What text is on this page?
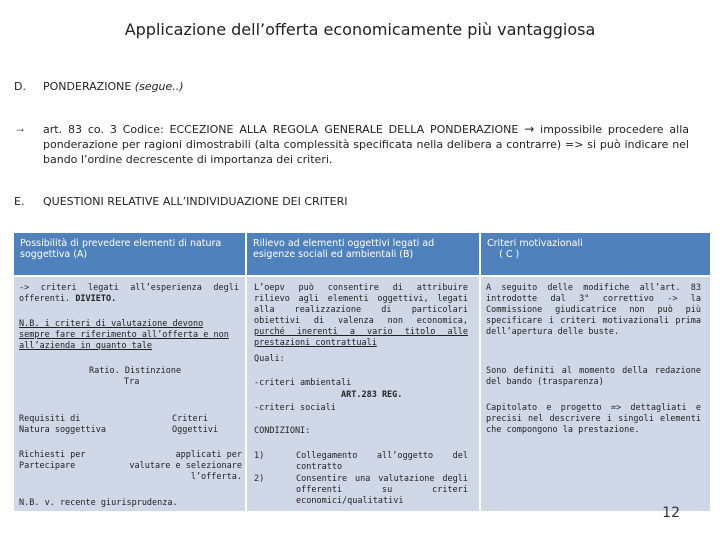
Applicazione dell’offerta economicamente più vantaggiosa
D. PONDERAZIONE (segue..)
→ art. 83 co. 3 Codice: ECCEZIONE ALLA REGOLA GENERALE DELLA PONDERAZIONE → impossibile procedere alla ponderazione per ragioni dimostrabili (alta complessità specificata nella delibera a contrarre) => si può indicare nel bando l’ordine decrescente di importanza dei criteri.
E. QUESTIONI RELATIVE ALL’INDIVIDUAZIONE DEI CRITERI
Possibilità di prevedere elementi di natura soggettiva (A)
Rilievo ad elementi oggettivi legati ad esigenze sociali ed ambientali (B)
Criteri motivazionali
( C )
-> criteri legati all’esperienza degli offerenti. DIVIETO.
N.B. i criteri di valutazione devono sempre fare riferimento all’offerta e non all’azienda in quanto tale
Ratio. Distinzione
Tra
Requisiti di
Natura soggettiva
Criteri
Oggettivi
Richiesti per
Partecipare
applicati per
valutare e selezionare
l’offerta.
N.B. v. recente giurisprudenza.
L’oepv può consentire di attribuire rilievo agli elementi oggettivi, legati alla realizzazione di particolari obiettivi di valenza non economica, purché inerenti a vario titolo alle prestazioni contrattuali
Quali:
-criteri ambientali
ART.283 REG.
-criteri sociali
CONDIZIONI:
1)	Collegamento all’oggetto del contratto
2)	Consentire una valutazione degli offerenti su criteri economici/qualitativi
A seguito delle modifiche all’art. 83 introdotte dal 3° correttivo -> la Commissione giudicatrice non può più specificare i criteri motivazionali prima dell’apertura delle buste.
Sono definiti al momento della redazione del bando (trasparenza)
Capitolato e progetto => dettagliati e precisi nel descrivere i singoli elementi che compongono la prestazione.
12
